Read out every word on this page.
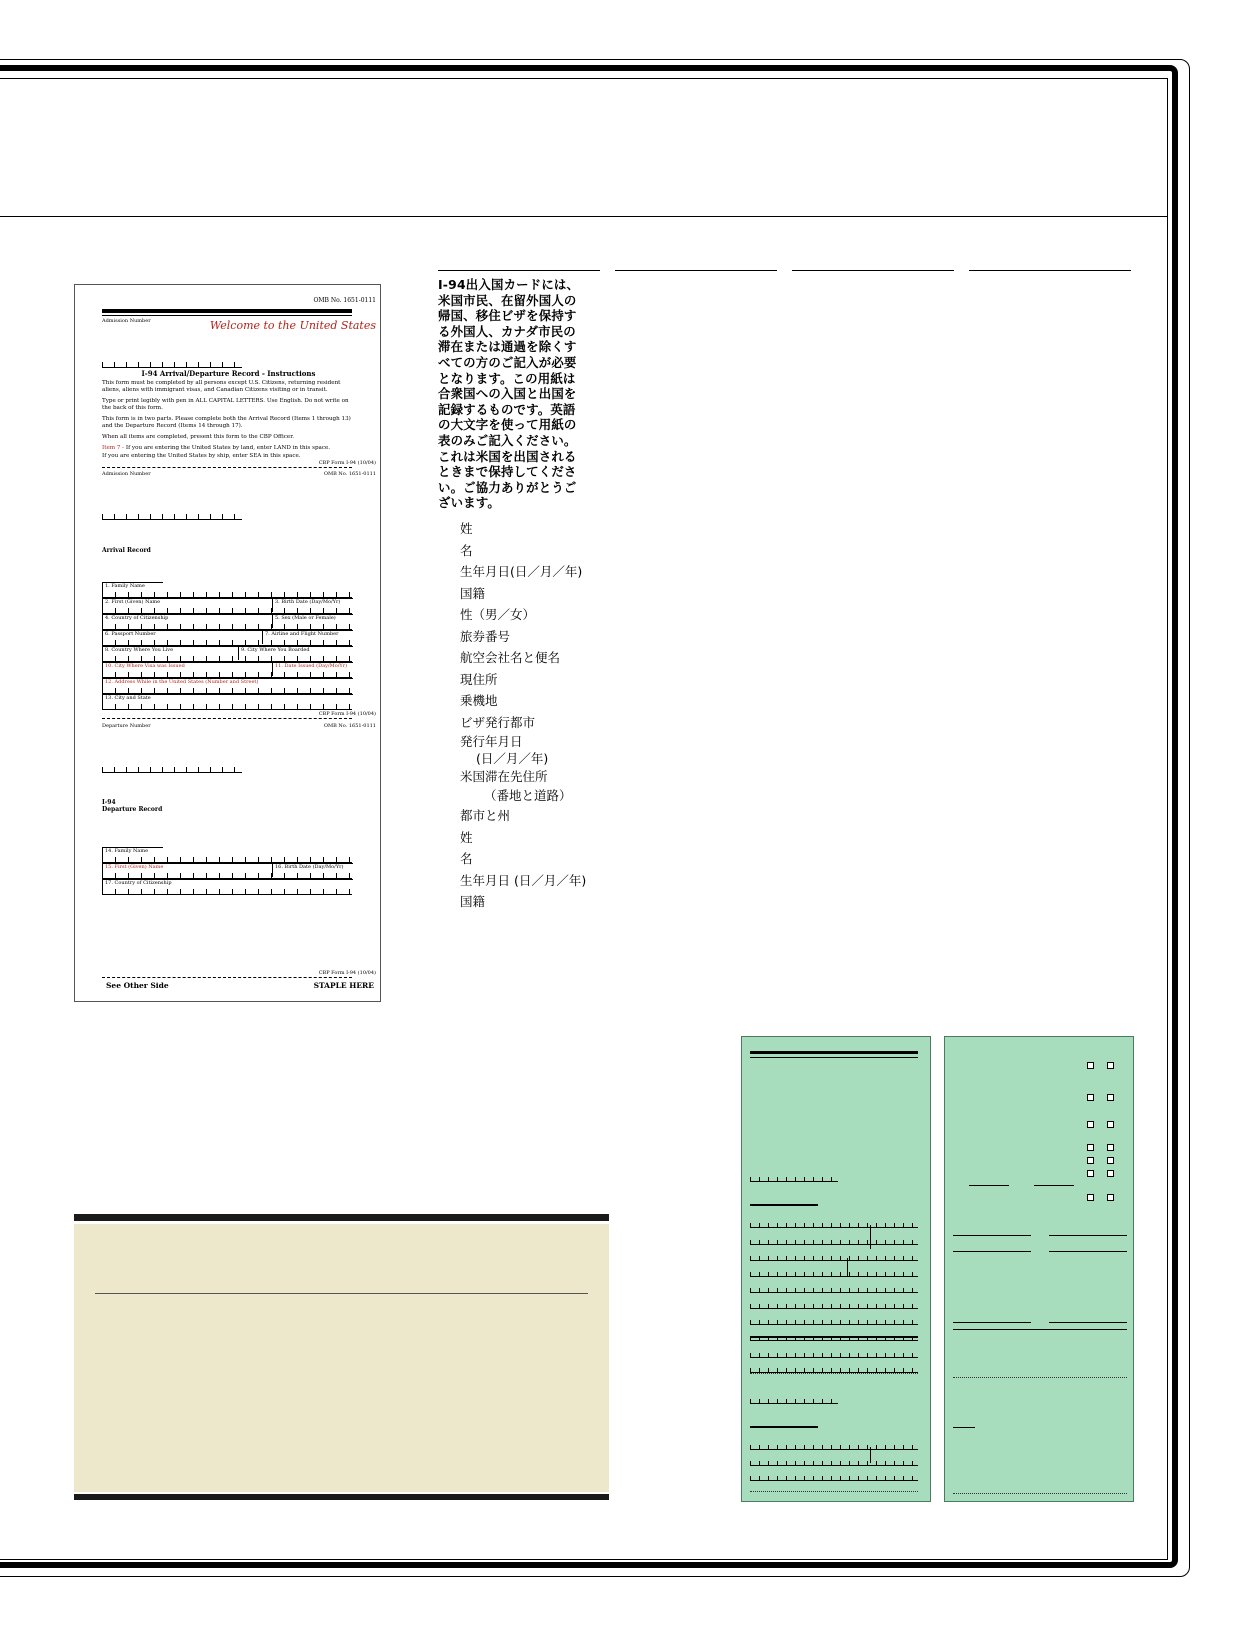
OMB No. 1651-0111
Admission Number	Welcome to the United States
I-94 Arrival/Departure Record - Instructions
This form must be completed by all persons except U.S. Citizens, returning resident aliens, aliens with immigrant visas, and Canadian Citizens visiting or in transit.
Type or print legibly with pen in ALL CAPITAL LETTERS. Use English. Do not write on the back of this form.
This form is in two parts. Please complete both the Arrival Record (Items 1 through 13) and the Departure Record (Items 14 through 17).
When all items are completed, present this form to the CBP Officer.
Item 7 - If you are entering the United States by land, enter LAND in this space.
If you are entering the United States by ship, enter SEA in this space.
CBP Form I-94 (10/04)
Admission Number	OMB No. 1651-0111
Arrival Record
1. Family Name
2. First (Given) Name	3. Birth Date (Day/Mo/Yr)
4. Country of Citizenship	5. Sex (Male or Female)
6. Passport Number	7. Airline and Flight Number
8. Country Where You Live	9. City Where You Boarded
10. City Where Visa was Issued	11. Date Issued (Day/Mo/Yr)
12. Address While in the United States (Number and Street)
13. City and State
CBP Form I-94 (10/04)
Departure Number	OMB No. 1651-0111
I-94
Departure Record
14. Family Name
15. First (Given) Name	16. Birth Date (Day/Mo/Yr)
17. Country of Citizenship
CBP Form I-94 (10/04)
See Other Side	STAPLE HERE
I-94出入国カードには、米国市民、在留外国人の帰国、移住ビザを保持する外国人、カナダ市民の滞在または通過を除くすべての方のご記入が必要となります。この用紙は合衆国への入国と出国を記録するものです。英語の大文字を使って用紙の表のみご記入ください。これは米国を出国されるときまで保持してください。ご協力ありがとうございます。
姓
名
生年月日(日／月／年)
国籍
性（男／女）
旅券番号
航空会社名と便名
現住所
乗機地
ビザ発行都市
発行年月日
(日／月／年)
米国滞在先住所
（番地と道路）
都市と州
姓
名
生年月日 (日／月／年)
国籍
